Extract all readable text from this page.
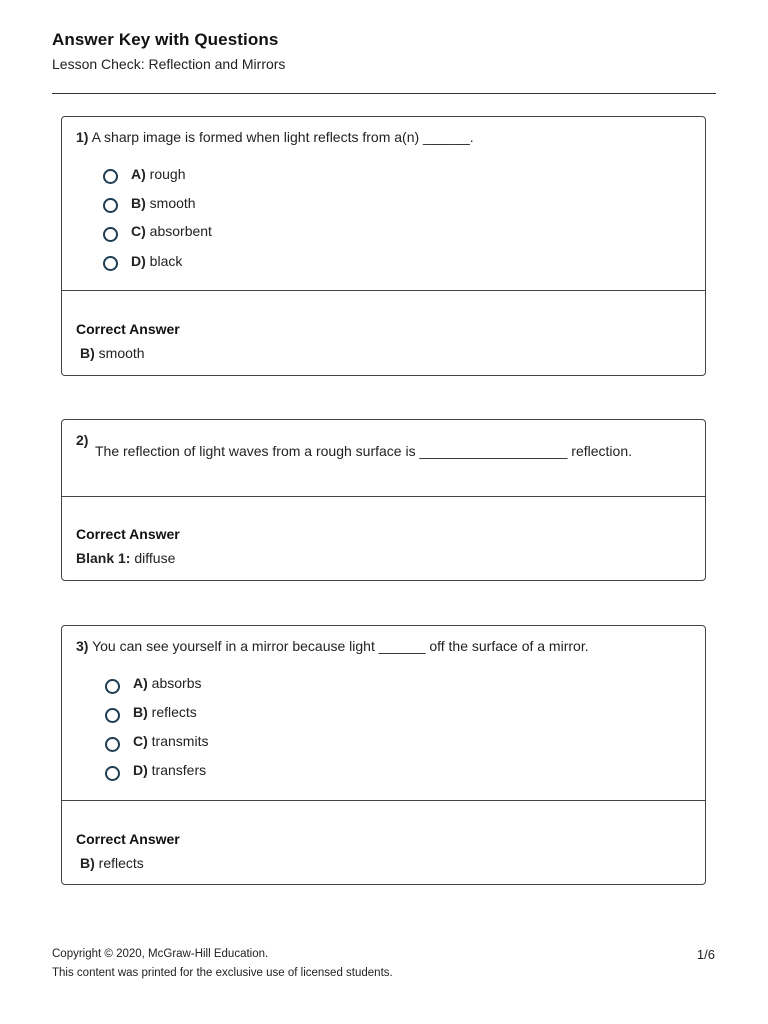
Answer Key with Questions
Lesson Check: Reflection and Mirrors
1) A sharp image is formed when light reflects from a(n) ______.
A) rough
B) smooth
C) absorbent
D) black
Correct Answer
B) smooth
2)
The reflection of light waves from a rough surface is ___________________ reflection.
Correct Answer
Blank 1: diffuse
3) You can see yourself in a mirror because light ______ off the surface of a mirror.
A) absorbs
B) reflects
C) transmits
D) transfers
Correct Answer
B) reflects
Copyright © 2020, McGraw-Hill Education.
This content was printed for the exclusive use of licensed students.
1/6
